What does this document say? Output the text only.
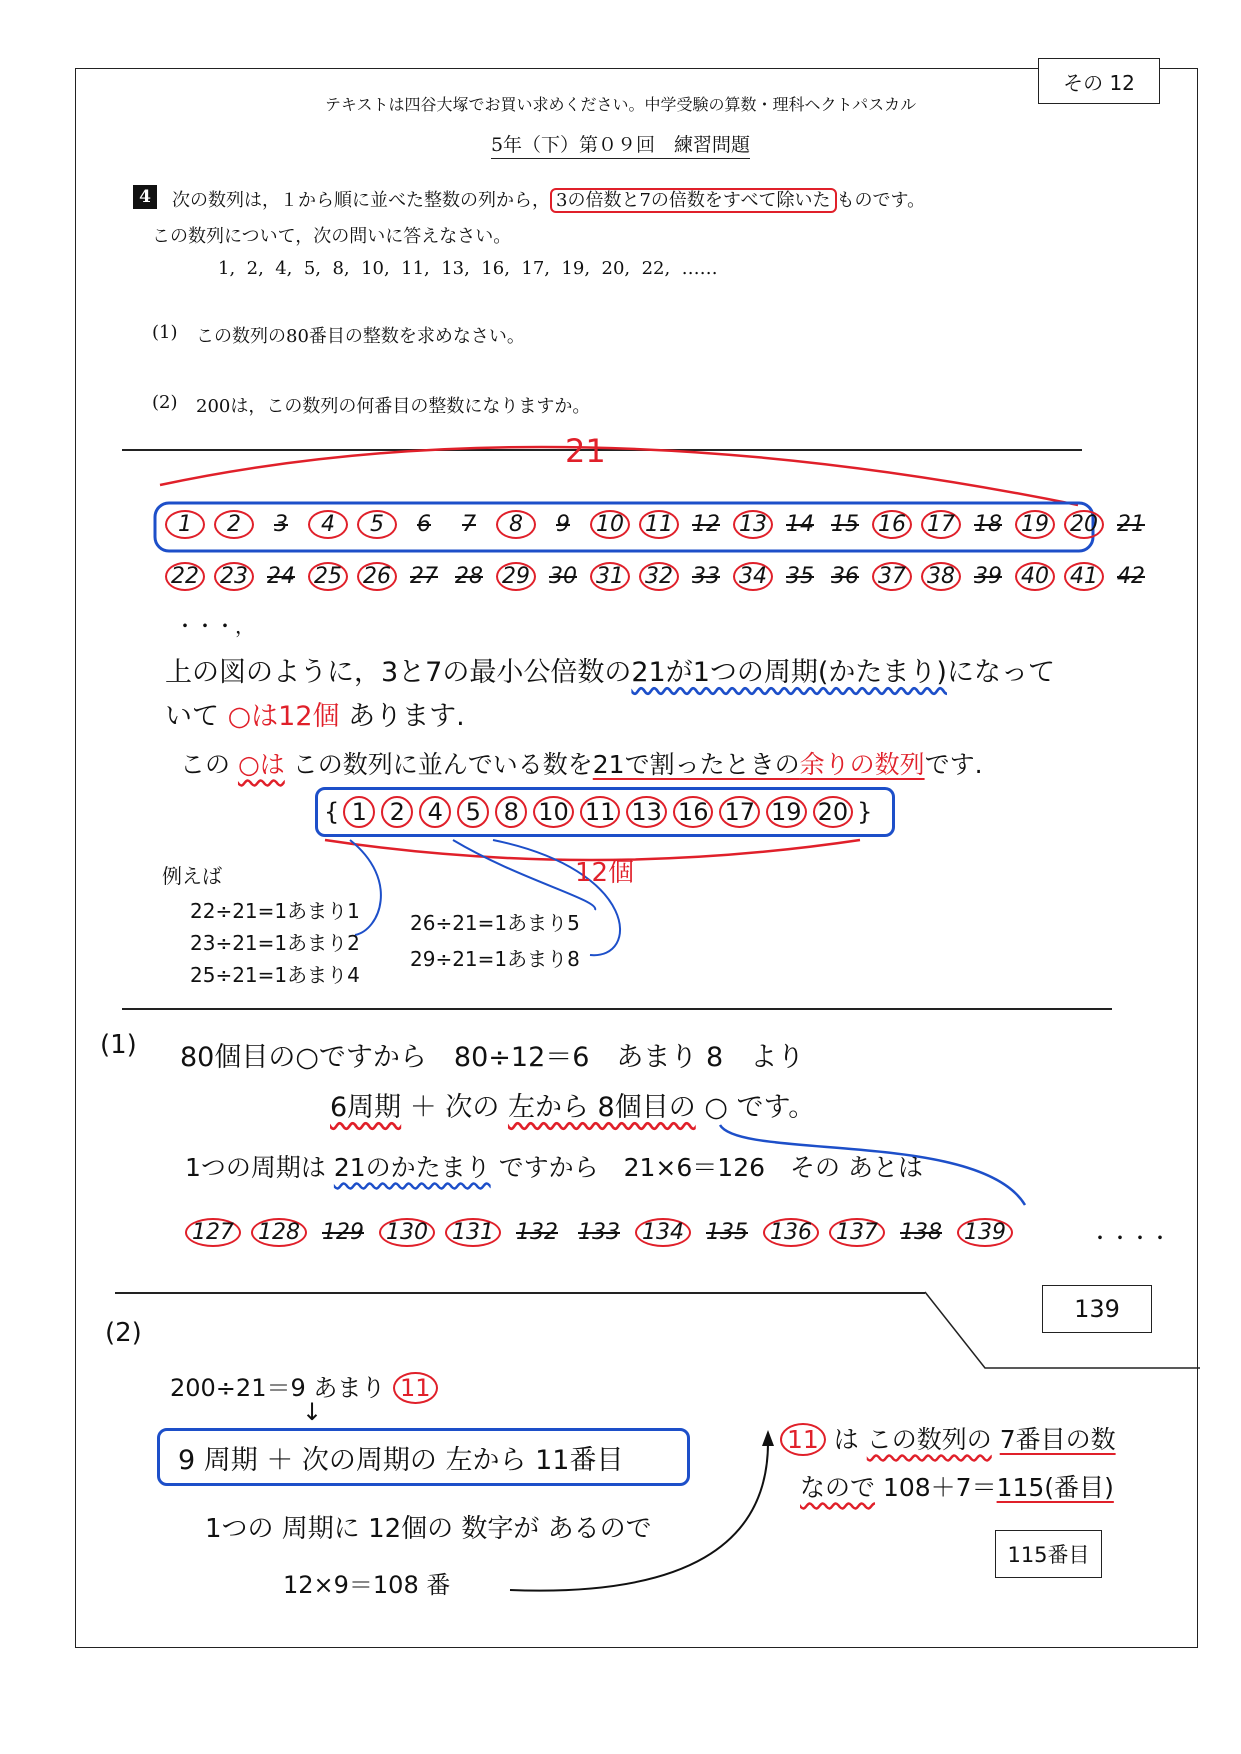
その 12
テキストは四谷大塚でお買い求めください。中学受験の算数・理科ヘクトパスカル
5年（下）第０９回　練習問題
4	次の数列は，１から順に並べた整数の列から， 3の倍数と7の倍数をすべて除いた ものです。
この数列について，次の問いに答えなさい。
1,  2,  4,  5,  8,  10,  11,  13,  16,  17,  19,  20,  22,  ……
(1) この数列の80番目の整数を求めなさい。
(2) 200は，この数列の何番目の整数になりますか。
21
1	2	3	4	5	6	7	8	9	10 11 12 13 14 15 16 17 18 19 20 21
22 23 24 25 26 27 28 29 30 31 32 33 34 35 36 37 38 39 40 41 42
・・・，
上の図のように，3と7の最小公倍数の21が1つの周期(かたまり)になって
いて ○は12個 あります.
この ○は この数列に並んでいる数を21で割ったときの余りの数列です.
{ 1 2 4 5 8 10 11 13 16 17 19 20 }
12個
例えば
22÷21=1あまり1
23÷21=1あまり2
25÷21=1あまり4
26÷21=1あまり5
29÷21=1あまり8
(1) 80個目の○ですから　80÷12＝6　あまり 8　より
6周期 ＋ 次の 左から 8個目の ○ です。
1つの周期は 21のかたまり ですから　21×6＝126　その あとは
127	128	129	130	131	132 133	134	135	136	137	138	139	・・・・
139
(2)
200÷21＝9 あまり 11
↓
9 周期 ＋ 次の周期の 左から 11番目
1つの 周期に 12個の 数字が あるので
12×9＝108 番
11 は この数列の 7番目の数
なので 108＋7＝115(番目)
115番目
